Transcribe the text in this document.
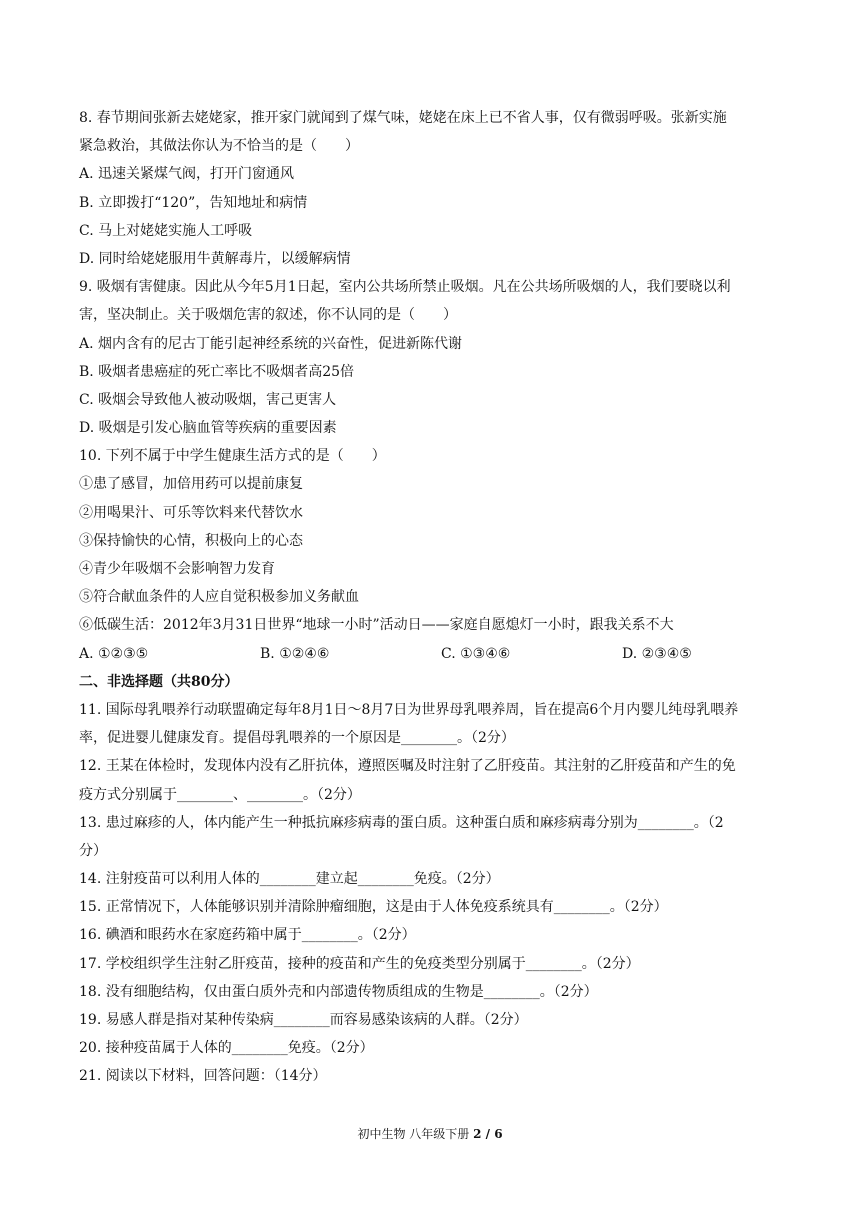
8. 春节期间张新去姥姥家，推开家门就闻到了煤气味，姥姥在床上已不省人事，仅有微弱呼吸。张新实施
紧急救治，其做法你认为不恰当的是（　　）
A. 迅速关紧煤气阀，打开门窗通风
B. 立即拨打“120”，告知地址和病情
C. 马上对姥姥实施人工呼吸
D. 同时给姥姥服用牛黄解毒片，以缓解病情
9. 吸烟有害健康。因此从今年5月1日起，室内公共场所禁止吸烟。凡在公共场所吸烟的人，我们要晓以利
害，坚决制止。关于吸烟危害的叙述，你不认同的是（　　）
A. 烟内含有的尼古丁能引起神经系统的兴奋性，促进新陈代谢
B. 吸烟者患癌症的死亡率比不吸烟者高25倍
C. 吸烟会导致他人被动吸烟，害己更害人
D. 吸烟是引发心脑血管等疾病的重要因素
10. 下列不属于中学生健康生活方式的是（　　）
①患了感冒，加倍用药可以提前康复
②用喝果汁、可乐等饮料来代替饮水
③保持愉快的心情，积极向上的心态
④青少年吸烟不会影响智力发育
⑤符合献血条件的人应自觉积极参加义务献血
⑥低碳生活：2012年3月31日世界“地球一小时”活动日——家庭自愿熄灯一小时，跟我关系不大
A. ①②③⑤	B. ①②④⑥	C. ①③④⑥	D. ②③④⑤
二、非选择题（共80分）
11. 国际母乳喂养行动联盟确定每年8月1日～8月7日为世界母乳喂养周，旨在提高6个月内婴儿纯母乳喂养
率，促进婴儿健康发育。提倡母乳喂养的一个原因是________。（2分）
12. 王某在体检时，发现体内没有乙肝抗体，遵照医嘱及时注射了乙肝疫苗。其注射的乙肝疫苗和产生的免
疫方式分别属于________、________。（2分）
13. 患过麻疹的人，体内能产生一种抵抗麻疹病毒的蛋白质。这种蛋白质和麻疹病毒分别为________。（2
分）
14. 注射疫苗可以利用人体的________建立起________免疫。（2分）
15. 正常情况下，人体能够识别并清除肿瘤细胞，这是由于人体免疫系统具有________。（2分）
16. 碘酒和眼药水在家庭药箱中属于________。（2分）
17. 学校组织学生注射乙肝疫苗，接种的疫苗和产生的免疫类型分别属于________。（2分）
18. 没有细胞结构，仅由蛋白质外壳和内部遗传物质组成的生物是________。（2分）
19. 易感人群是指对某种传染病________而容易感染该病的人群。（2分）
20. 接种疫苗属于人体的________免疫。（2分）
21. 阅读以下材料，回答问题：（14分）
初中生物 八年级下册 2 / 6
